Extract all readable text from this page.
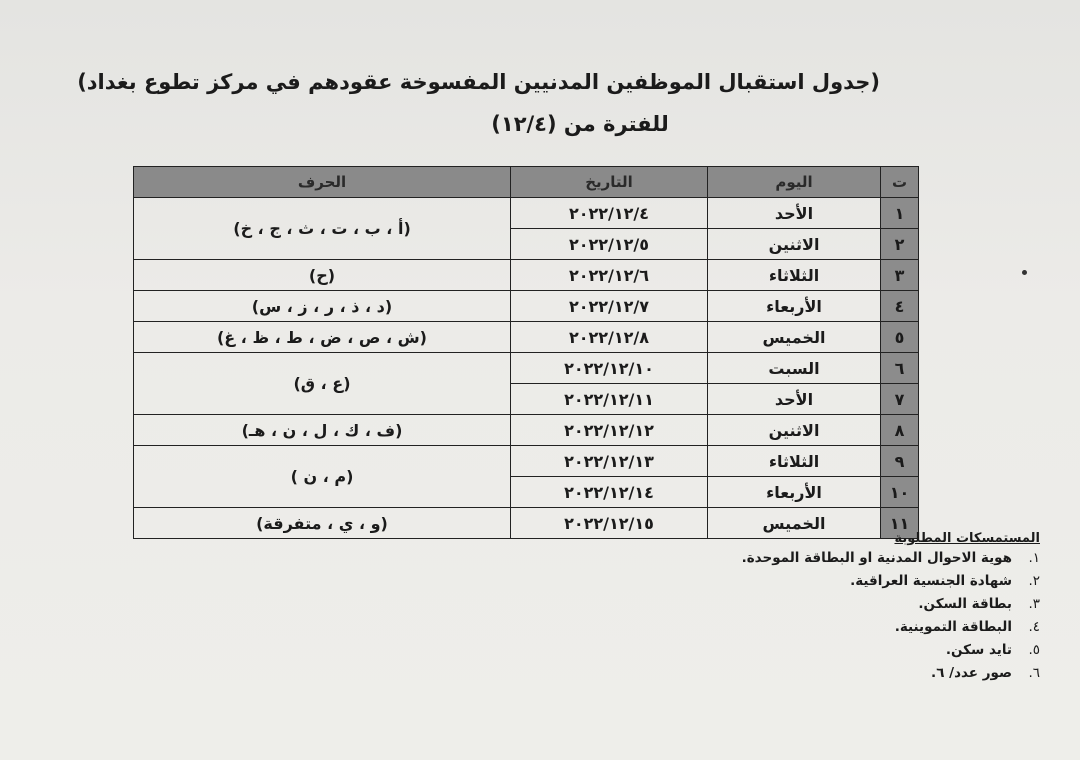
(جدول استقبال الموظفين المدنيين المفسوخة عقودهم في مركز تطوع بغداد)
للفترة من (١٢/٤)
ت	اليوم	التاريخ	الحرف
١	الأحد	٢٠٢٢/١٢/٤	(أ ، ب ، ت ، ث ، ج ، خ)
٢	الاثنين	٢٠٢٢/١٢/٥	
٣	الثلاثاء	٢٠٢٢/١٢/٦	(ح)
٤	الأربعاء	٢٠٢٢/١٢/٧	(د ، ذ ، ر ، ز ، س)
٥	الخميس	٢٠٢٢/١٢/٨	(ش ، ص ، ض ، ط ، ظ ، غ)
٦	السبت	٢٠٢٢/١٢/١٠	(ع ، ق)
٧	الأحد	٢٠٢٢/١٢/١١	
٨	الاثنين	٢٠٢٢/١٢/١٢	(ف ، ك ، ل ، ن ، هـ)
٩	الثلاثاء	٢٠٢٢/١٢/١٣	(م ، ن )
١٠	الأربعاء	٢٠٢٢/١٢/١٤	
١١	الخميس	٢٠٢٢/١٢/١٥	(و ، ي ، متفرقة)
المستمسكات المطلوبة
١.
هوية الاحوال المدنية او البطاقة الموحدة.
٢.
شهادة الجنسية العراقية.
٣.
بطاقة السكن.
٤.
البطاقة التموينية.
٥.
تايد سكن.
٦.
صور عدد/ ٦.
